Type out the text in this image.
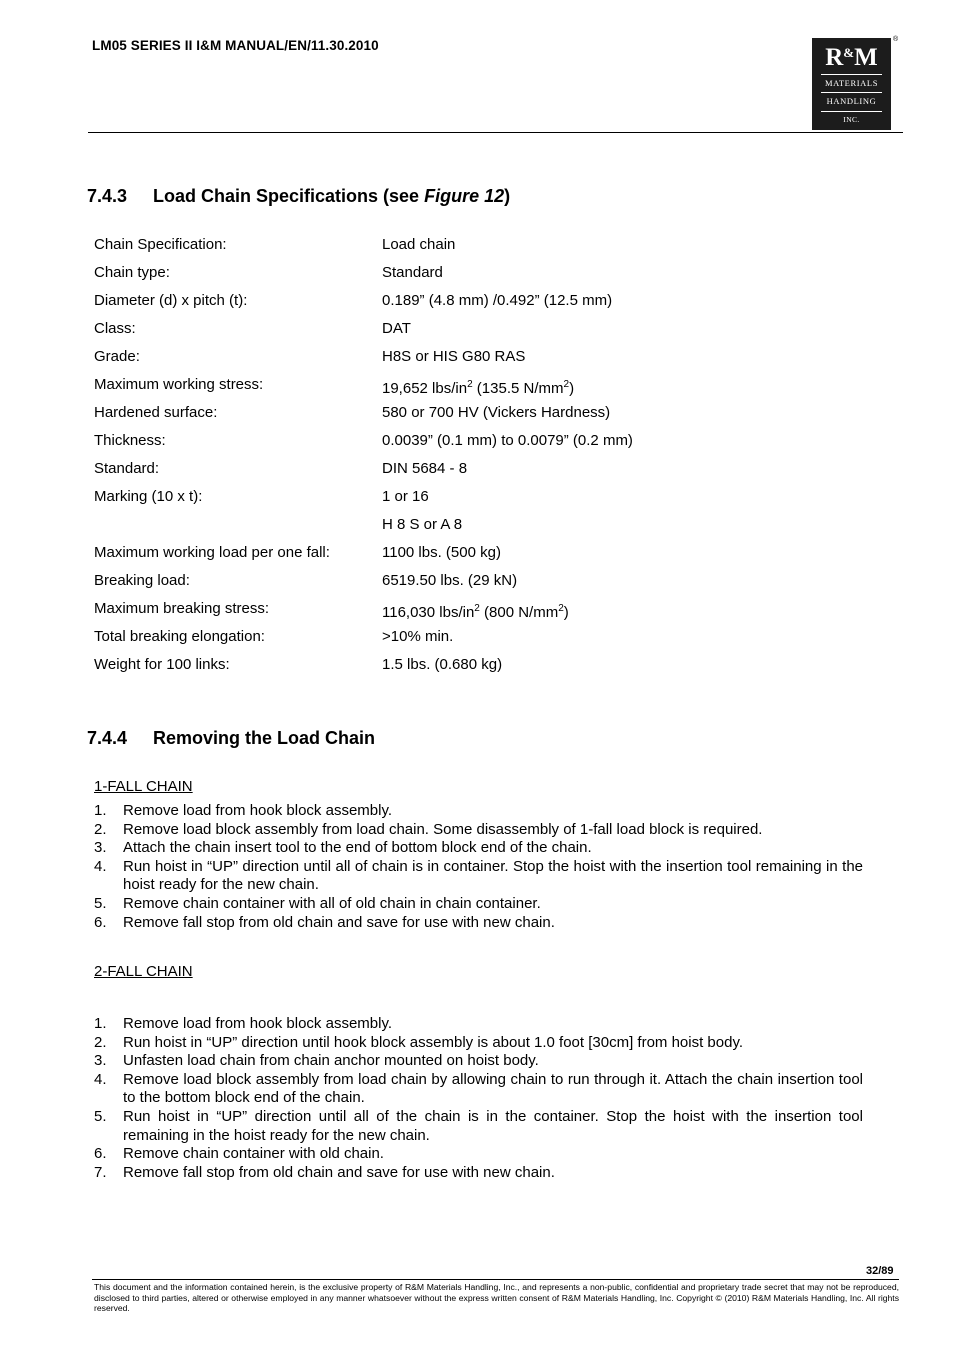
LM05 SERIES II I&M MANUAL/EN/11.30.2010	R&M
MATERIALS
HANDLING
INC.
®
7.4.3 Load Chain Specifications (see Figure 12)
Chain Specification:	Load chain
Chain type:	Standard
Diameter (d) x pitch (t):	0.189” (4.8 mm) /0.492” (12.5 mm)
Class:	DAT
Grade:	H8S or HIS G80 RAS
Maximum working stress:	19,652 lbs/$in^2$ (135.5 $N/mm^2$)
Hardened surface:	580 or 700 HV (Vickers Hardness)
Thickness:	0.0039” (0.1 mm) to 0.0079” (0.2 mm)
Standard:	DIN 5684 - 8
Marking (10 x t):	1 or 16
H 8 S or A 8
Maximum working load per one fall:	1100 lbs. (500 kg)
Breaking load:	6519.50 lbs. (29 kN)
Maximum breaking stress:	116,030 lbs/$in^2$ (800 $N/mm^2$)
Total breaking elongation:	>10% min.
Weight for 100 links:	1.5 lbs. (0.680 kg)
7.4.4 Removing the Load Chain
1-FALL CHAIN
1. Remove load from hook block assembly.
2. Remove load block assembly from load chain. Some disassembly of 1-fall load block is required.
3. Attach the chain insert tool to the end of bottom block end of the chain.
4. Run hoist in “UP” direction until all of chain is in container. Stop the hoist with the insertion tool remaining in the hoist ready for the new chain.
5. Remove chain container with all of old chain in chain container.
6. Remove fall stop from old chain and save for use with new chain.
2-FALL CHAIN
1. Remove load from hook block assembly.
2. Run hoist in “UP” direction until hook block assembly is about 1.0 foot [30cm] from hoist body.
3. Unfasten load chain from chain anchor mounted on hoist body.
4. Remove load block assembly from load chain by allowing chain to run through it. Attach the chain insertion tool to the bottom block end of the chain.
5. Run hoist in “UP” direction until all of the chain is in the container. Stop the hoist with the insertion tool remaining in the hoist ready for the new chain.
6. Remove chain container with old chain.
7. Remove fall stop from old chain and save for use with new chain.
32/89
This document and the information contained herein, is the exclusive property of R&M Materials Handling, Inc., and represents a non-public, confidential and proprietary trade secret that may not be reproduced, disclosed to third parties, altered or otherwise employed in any manner whatsoever without the express written consent of R&M Materials Handling, Inc. Copyright © (2010) R&M Materials Handling, Inc. All rights reserved.
